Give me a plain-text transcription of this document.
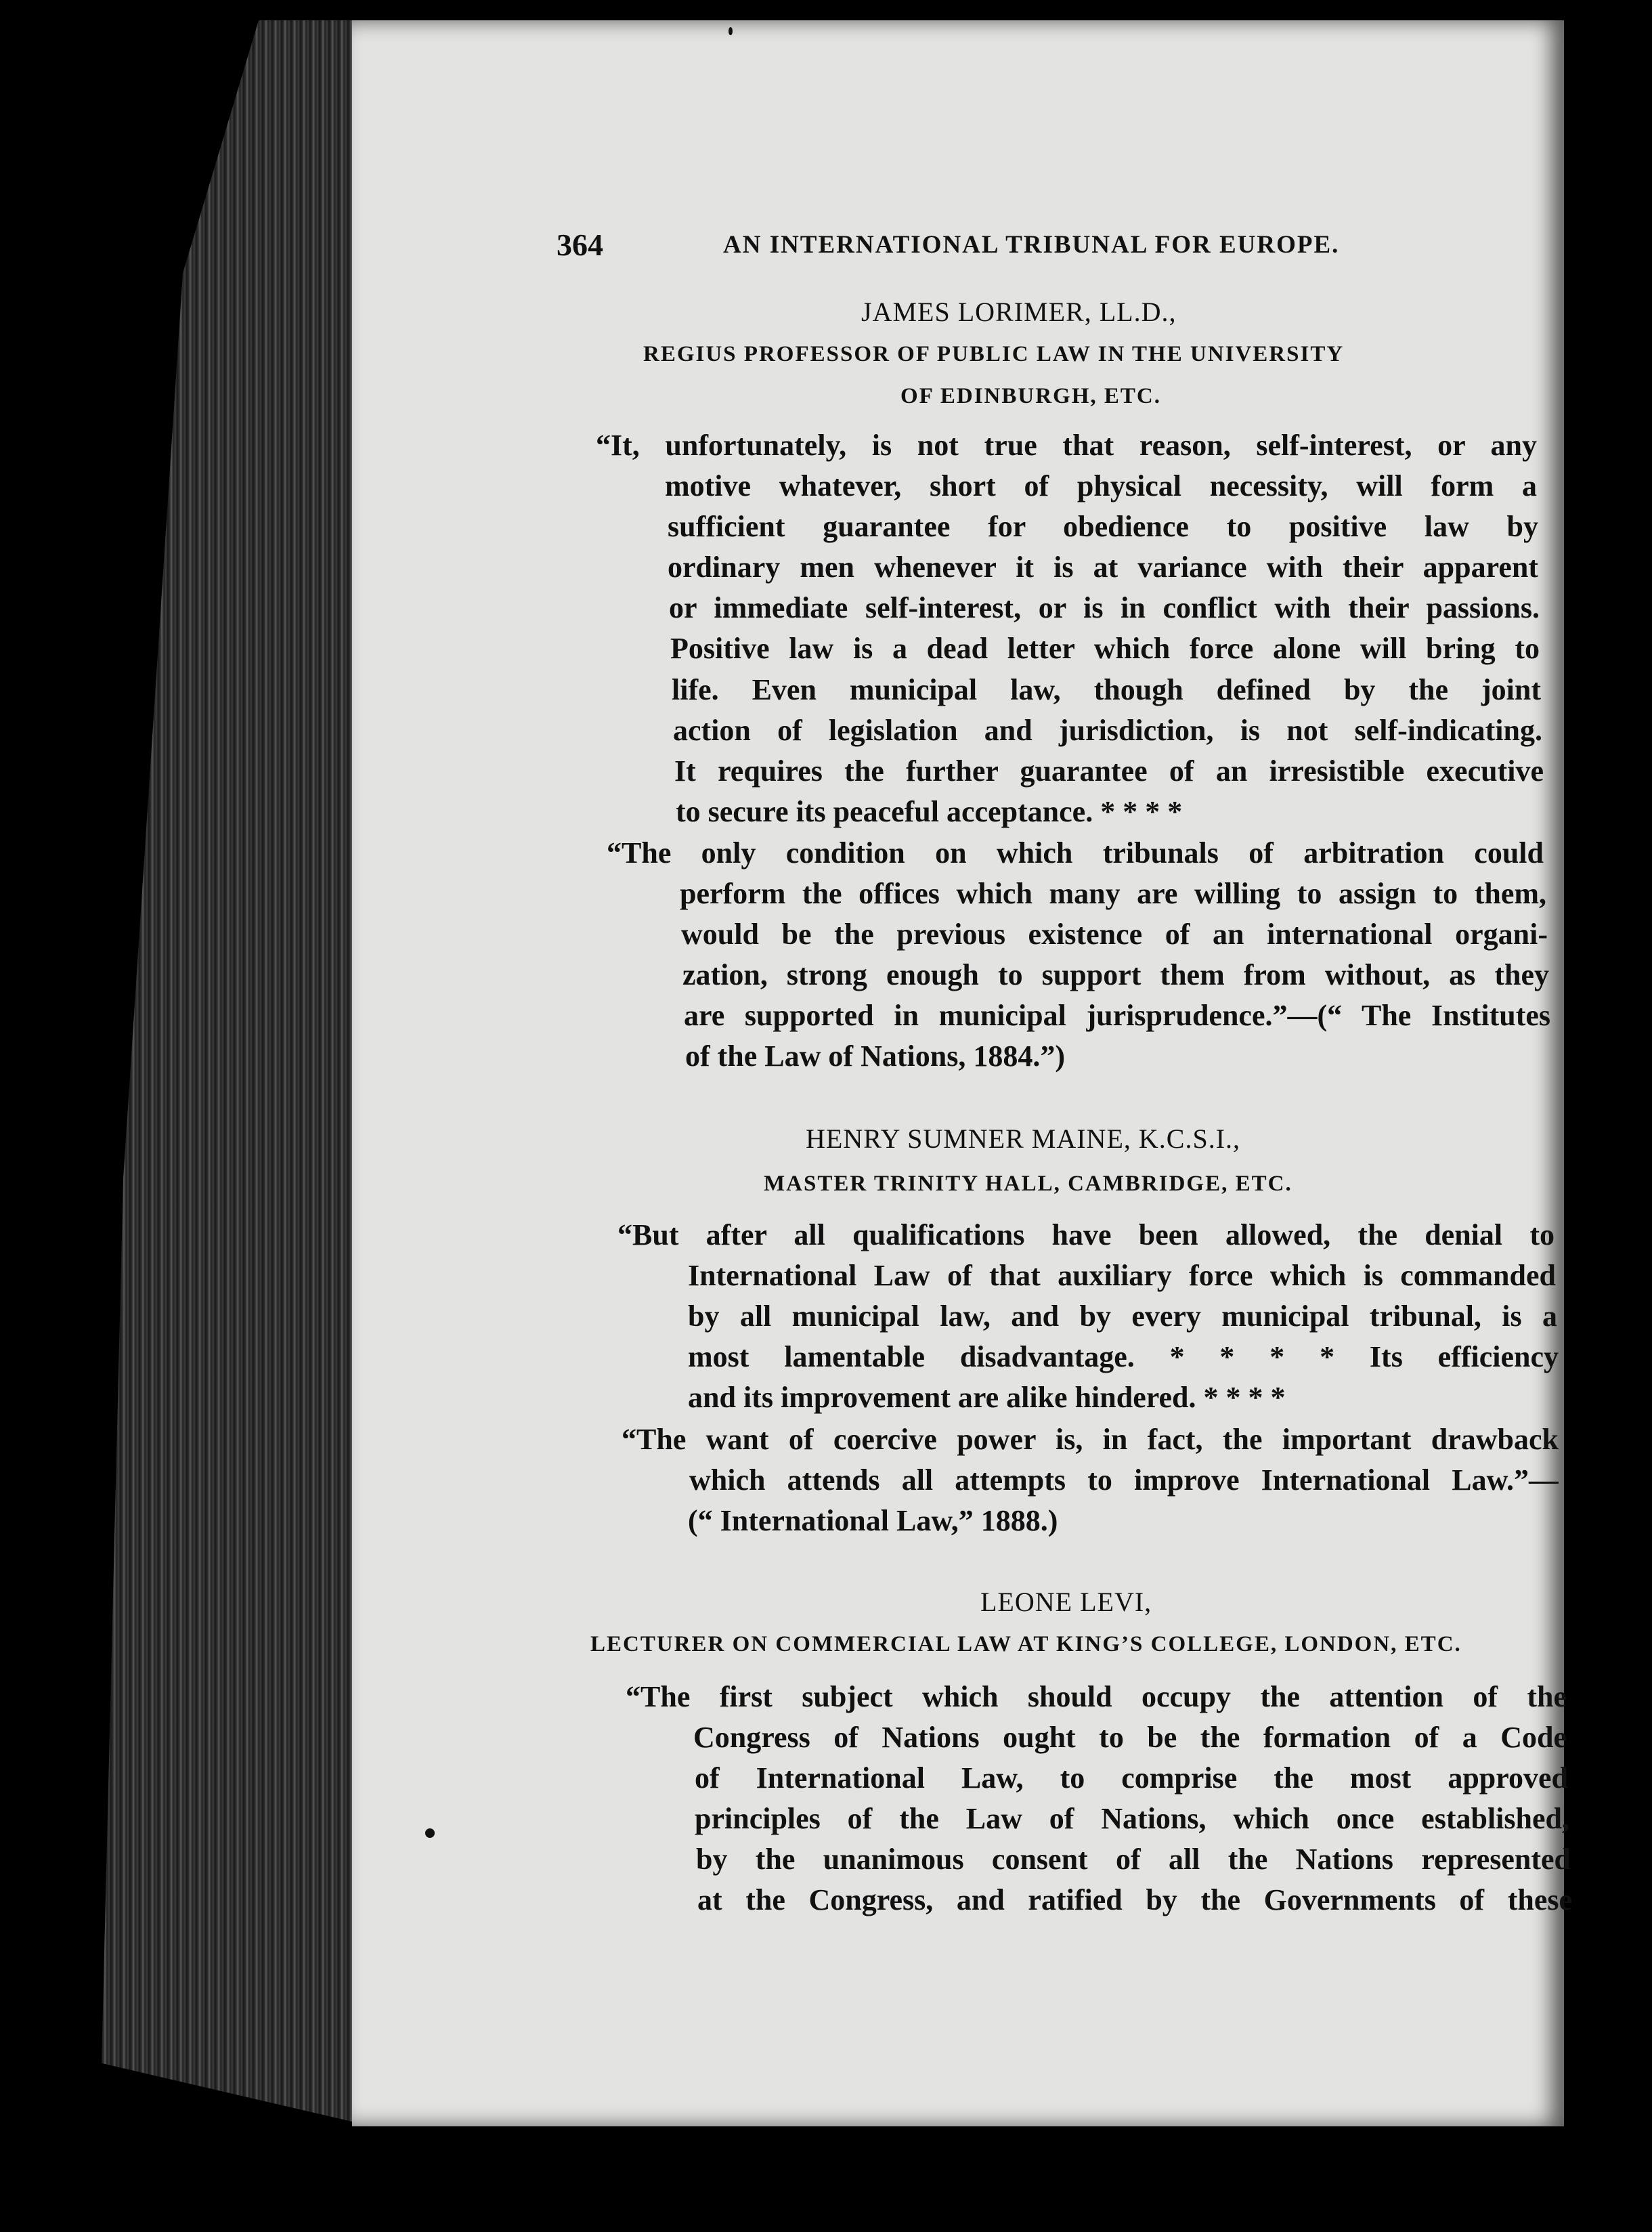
364	AN INTERNATIONAL TRIBUNAL FOR EUROPE.
JAMES LORIMER, LL.D.,
REGIUS PROFESSOR OF PUBLIC LAW IN THE UNIVERSITY
OF EDINBURGH, ETC.
“It, unfortunately, is not true that reason, self-interest, or any
motive whatever, short of physical necessity, will form a
sufficient guarantee for obedience to positive law by
ordinary men whenever it is at variance with their apparent
or immediate self-interest, or is in conflict with their passions.
Positive law is a dead letter which force alone will bring to
life. Even municipal law, though defined by the joint
action of legislation and jurisdiction, is not self-indicating.
It requires the further guarantee of an irresistible executive
to secure its peaceful acceptance. * * * *
“The only condition on which tribunals of arbitration could
perform the offices which many are willing to assign to them,
would be the previous existence of an international organi-
zation, strong enough to support them from without, as they
are supported in municipal jurisprudence.”—(“ The Institutes
of the Law of Nations, 1884.”)
HENRY SUMNER MAINE, K.C.S.I.,
MASTER TRINITY HALL, CAMBRIDGE, ETC.
“But after all qualifications have been allowed, the denial to
International Law of that auxiliary force which is commanded
by all municipal law, and by every municipal tribunal, is a
most lamentable disadvantage. * * * * Its efficiency
and its improvement are alike hindered. * * * *
“The want of coercive power is, in fact, the important drawback
which attends all attempts to improve International Law.”—
(“ International Law,” 1888.)
LEONE LEVI,
LECTURER ON COMMERCIAL LAW AT KING’S COLLEGE, LONDON, ETC.
“The first subject which should occupy the attention of the
Congress of Nations ought to be the formation of a Code
of International Law, to comprise the most approved
principles of the Law of Nations, which once established,
by the unanimous consent of all the Nations represented
at the Congress, and ratified by the Governments of these
